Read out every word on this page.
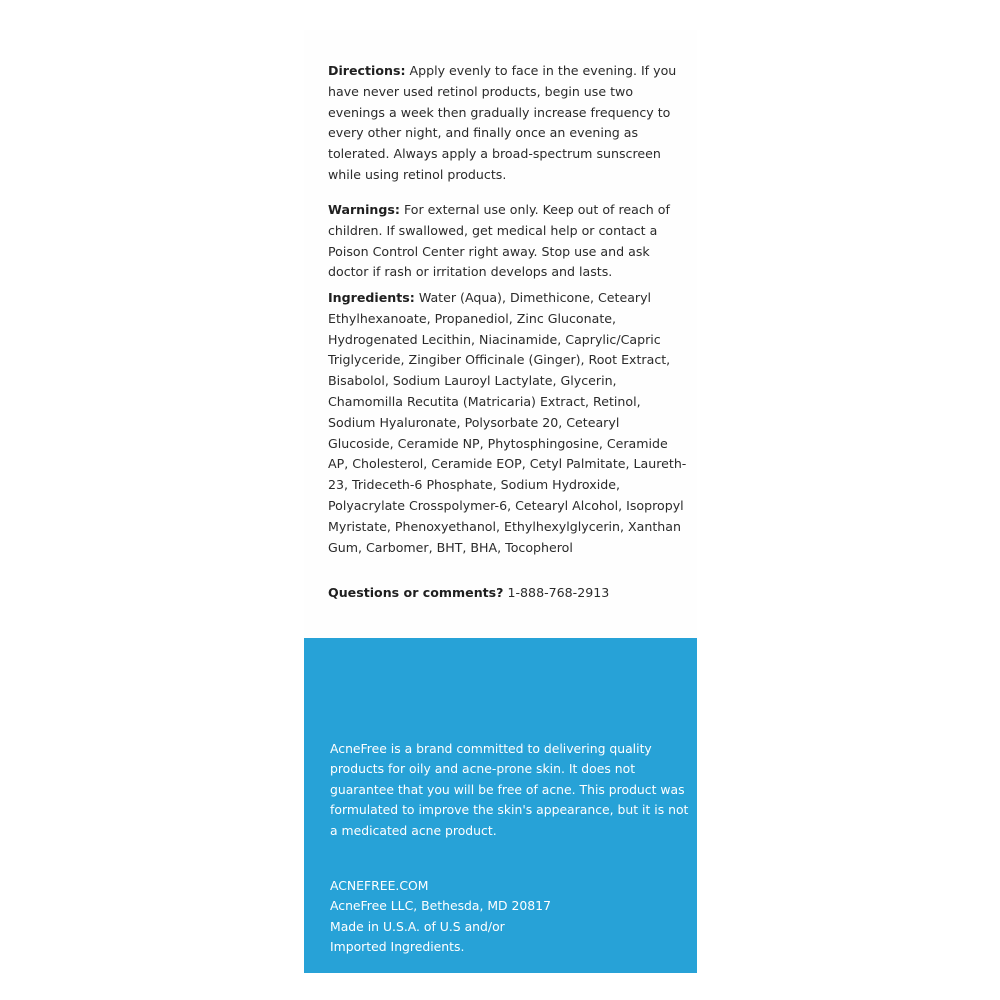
Directions: Apply evenly to face in the evening. If you have never used retinol products, begin use two evenings a week then gradually increase frequency to every other night, and finally once an evening as tolerated. Always apply a broad-spectrum sunscreen while using retinol products.

Warnings: For external use only. Keep out of reach of children. If swallowed, get medical help or contact a Poison Control Center right away. Stop use and ask doctor if rash or irritation develops and lasts.

Ingredients: Water (Aqua), Dimethicone, Cetearyl Ethylhexanoate, Propanediol, Zinc Gluconate, Hydrogenated Lecithin, Niacinamide, Caprylic/Capric Triglyceride, Zingiber Officinale (Ginger), Root Extract, Bisabolol, Sodium Lauroyl Lactylate, Glycerin, Chamomilla Recutita (Matricaria) Extract, Retinol, Sodium Hyaluronate, Polysorbate 20, Cetearyl Glucoside, Ceramide NP, Phytosphingosine, Ceramide AP, Cholesterol, Ceramide EOP, Cetyl Palmitate, Laureth-23, Trideceth-6 Phosphate, Sodium Hydroxide, Polyacrylate Crosspolymer-6, Cetearyl Alcohol, Isopropyl Myristate, Phenoxyethanol, Ethylhexylglycerin, Xanthan Gum, Carbomer, BHT, BHA, Tocopherol

Questions or comments? 1-888-768-2913

AcneFree is a brand committed to delivering quality products for oily and acne-prone skin. It does not guarantee that you will be free of acne. This product was formulated to improve the skin's appearance, but it is not a medicated acne product.

ACNEFREE.COM
AcneFree LLC, Bethesda, MD 20817
Made in U.S.A. of U.S and/or
Imported Ingredients.
